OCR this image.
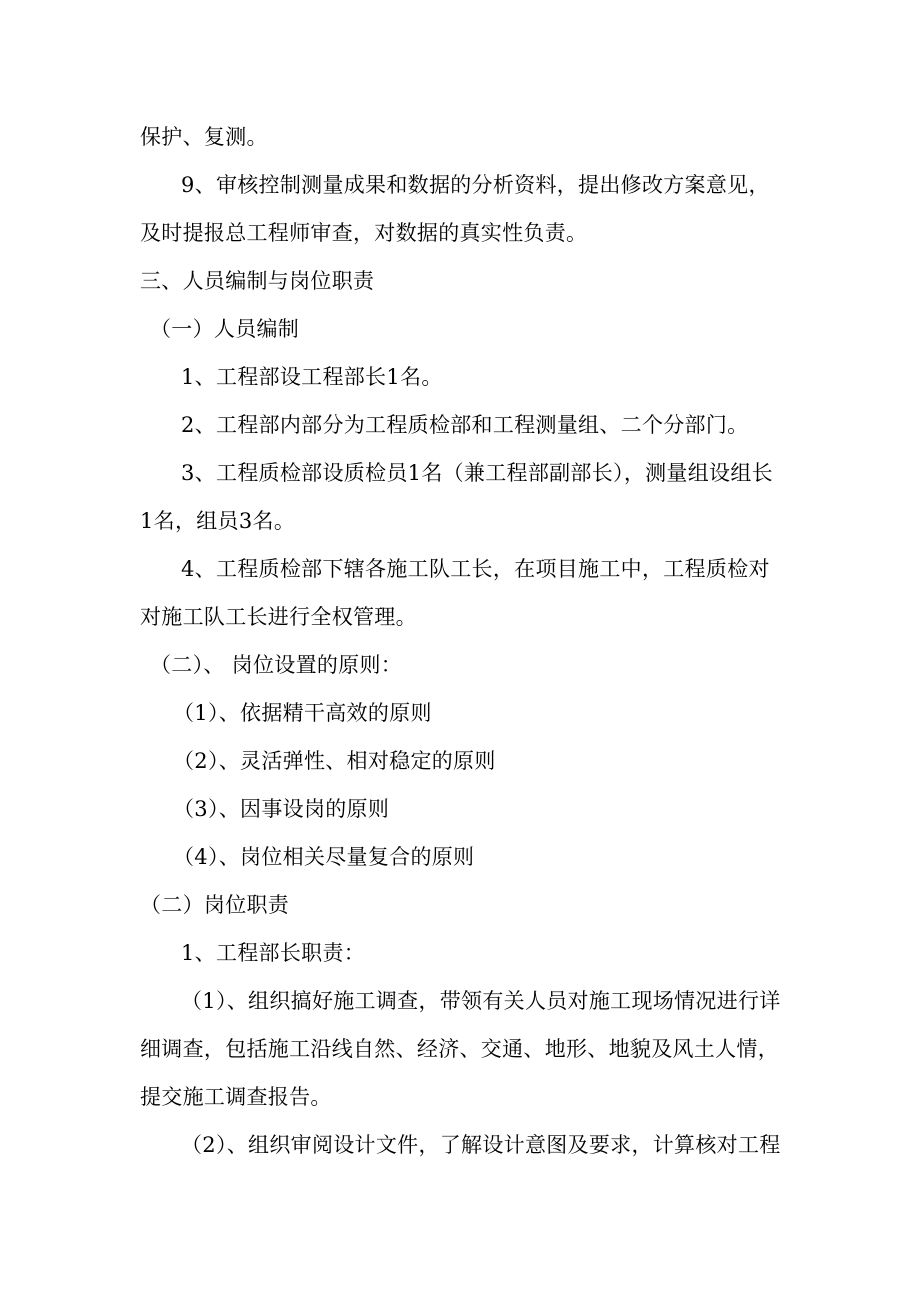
保护、复测。

9、审核控制测量成果和数据的分析资料，提出修改方案意见，

及时提报总工程师审查，对数据的真实性负责。

三、人员编制与岗位职责

（一）人员编制

1、工程部设工程部长1名。

2、工程部内部分为工程质检部和工程测量组、二个分部门。

3、工程质检部设质检员1名（兼工程部副部长），测量组设组长

1名，组员3名。

4、工程质检部下辖各施工队工长，在项目施工中，工程质检对

对施工队工长进行全权管理。

（二）、 岗位设置的原则：

（1）、依据精干高效的原则

（2）、灵活弹性、相对稳定的原则

（3）、因事设岗的原则

（4）、岗位相关尽量复合的原则

（二）岗位职责

1、工程部长职责：

（1）、组织搞好施工调查，带领有关人员对施工现场情况进行详

细调查，包括施工沿线自然、经济、交通、地形、地貌及风土人情，

提交施工调查报告。

（2）、组织审阅设计文件，了解设计意图及要求，计算核对工程
